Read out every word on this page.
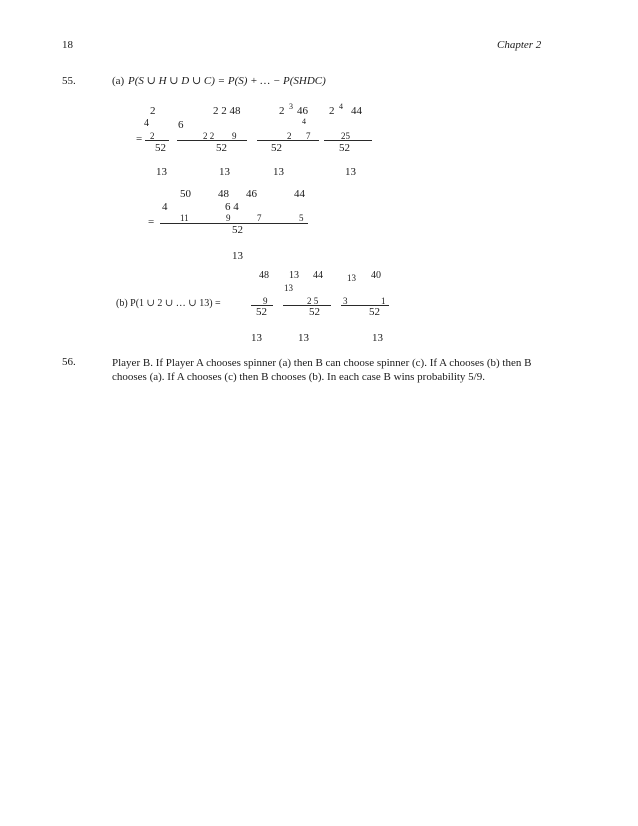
18	Chapter 2
55.	(a) P(S ∪ H ∪ D ∪ C) = P(S) + … − P(SHDC)
2	2 2 48	2 3 46 2 4 44
4	6	4
= 2	2 2 9	2 7	25
52	52	52	52
13	13	13	13
50 48 46	44
4	6 4
=	11	9	7	5
52
13
48 13 44	13 40
13
(b) P(1 ∪ 2 ∪ … ∪ 13) =	9	2 5	3	1
52	52	52
13	13	13
56.	Player B. If Player A chooses spinner (a) then B can choose spinner (c). If A chooses (b) then B chooses (a). If A chooses (c) then B chooses (b). In each case B wins probability 5/9.
